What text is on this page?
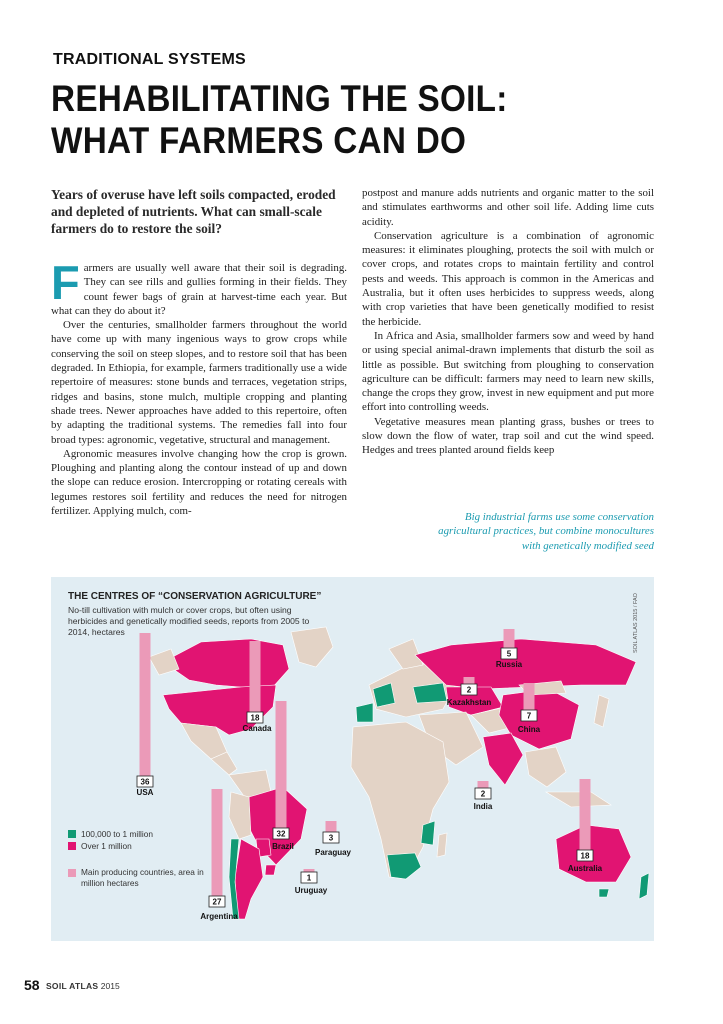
TRADITIONAL SYSTEMS
REHABILITATING THE SOIL:
WHAT FARMERS CAN DO

Years of overuse have left soils compacted, eroded and depleted of nutrients. What can small-scale farmers do to restore the soil?

Farmers are usually well aware that their soil is degrading. They can see rills and gullies forming in their fields. They count fewer bags of grain at harvest-time each year. But what can they do about it?

Over the centuries, smallholder farmers throughout the world have come up with many ingenious ways to grow crops while conserving the soil on steep slopes, and to restore soil that has been degraded. In Ethiopia, for example, farmers traditionally use a wide repertoire of measures: stone bunds and terraces, vegetation strips, ridges and basins, stone mulch, multiple cropping and planting shade trees. Newer approaches have added to this repertoire, often by adapting the traditional systems. The remedies fall into four broad types: agronomic, vegetative, structural and management.

Agronomic measures involve changing how the crop is grown. Ploughing and planting along the contour instead of up and down the slope can reduce erosion. Intercropping or rotating cereals with legumes restores soil fertility and reduces the need for nitrogen fertilizer. Applying mulch, com-

postpost and manure adds nutrients and organic matter to the soil and stimulates earthworms and other soil life. Adding lime cuts acidity.

Conservation agriculture is a combination of agronomic measures: it eliminates ploughing, protects the soil with mulch or cover crops, and rotates crops to maintain fertility and control pests and weeds. This approach is common in the Americas and Australia, but it often uses herbicides to suppress weeds, along with crop varieties that have been genetically modified to resist the herbicide.

In Africa and Asia, smallholder farmers sow and weed by hand or using special animal-drawn implements that disturb the soil as little as possible. But switching from ploughing to conservation agriculture can be difficult: farmers may need to learn new skills, change the crops they grow, invest in new equipment and put more effort into controlling weeds.

Vegetative measures mean planting grass, bushes or trees to slow down the flow of water, trap soil and cut the wind speed. Hedges and trees planted around fields keep

Big industrial farms use some conservation agricultural practices, but combine monocultures with genetically modified seed
36
USA
32
Brazil
27
Argentina
18
Canada
18
Australia
5
Russia
7
China
3
Paraguay
2
Kazakhstan
2
India
1
Uruguay
THE CENTRES OF “CONSERVATION AGRICULTURE”
No-till cultivation with mulch or cover crops, but often using herbicides and genetically modified seeds, reports from 2005 to 2014, hectares	SOIL ATLAS 2015 / FAO
100,000 to 1 million
Over 1 million
Main producing countries, area in million hectares
58 SOIL ATLAS 2015
